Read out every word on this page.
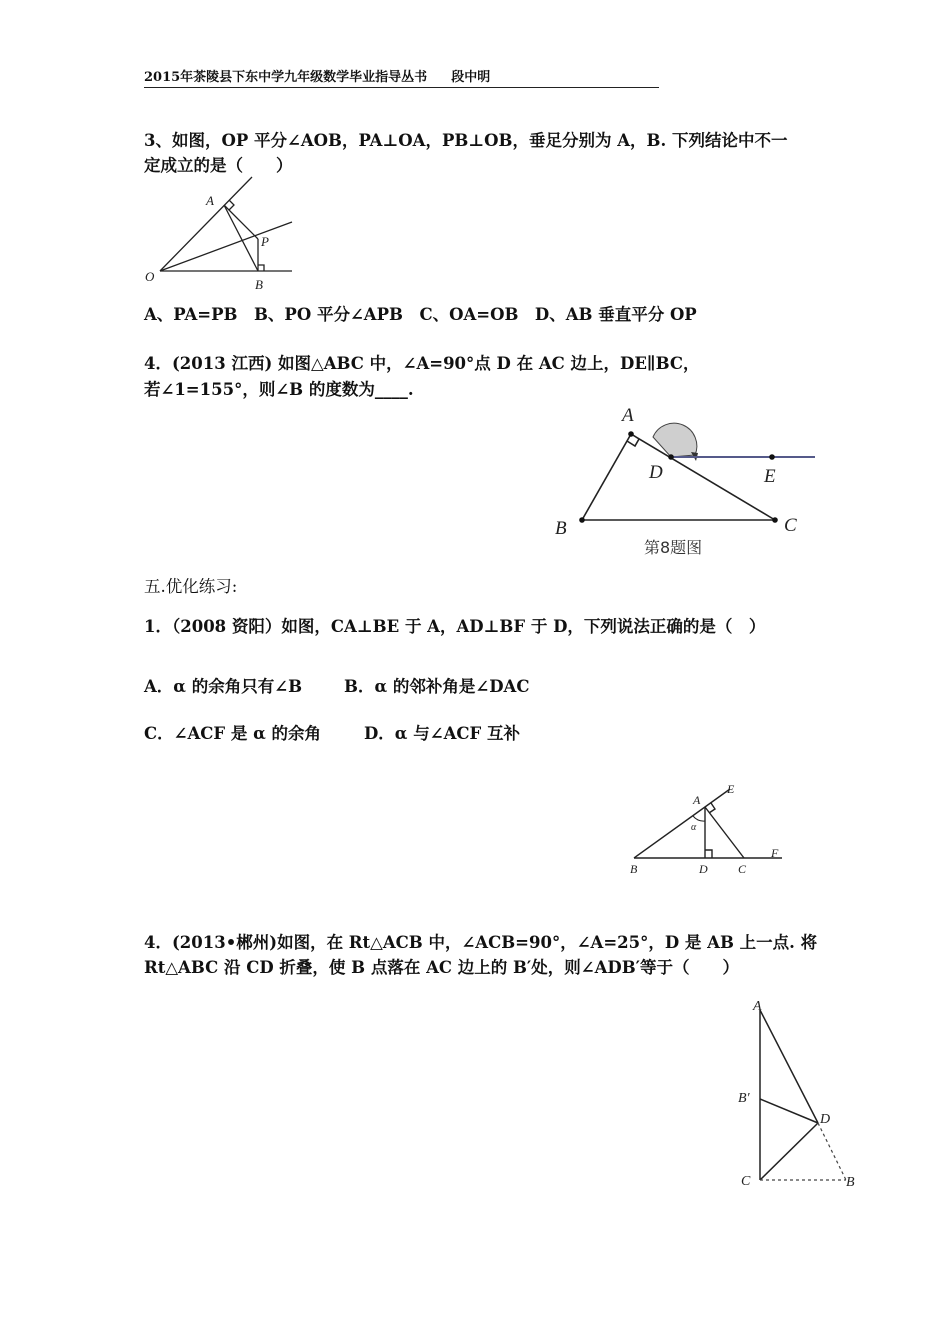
2015年茶陵县下东中学九年级数学毕业指导丛书 段中明
3、如图，OP 平分∠AOB，PA⊥OA，PB⊥OB，垂足分别为 A，B. 下列结论中不一
定成立的是（　　）
A
P
O
B
A、PA=PB　B、PO 平分∠APB　C、OA=OB　D、AB 垂直平分 OP
4．(2013 江西) 如图△ABC 中，∠A=90°点 D 在 AC 边上，DE∥BC，
若∠1=155°，则∠B 的度数为____.
A
D	E
B	C
第8题图
五.优化练习:
1．（2008 资阳）如图，CA⊥BE 于 A，AD⊥BF 于 D，下列说法正确的是（　）
A．α 的余角只有∠B	B．α 的邻补角是∠DAC
C．∠ACF 是 α 的余角	D．α 与∠ACF 互补
A
E
α
B	D	C
F
4．(2013•郴州)如图，在 Rt△ACB 中，∠ACB=90°，∠A=25°，D 是 AB 上一点. 将
Rt△ABC 沿 CD 折叠，使 B 点落在 AC 边上的 B′处，则∠ADB′等于（　　）
A
B′
D
C	B
